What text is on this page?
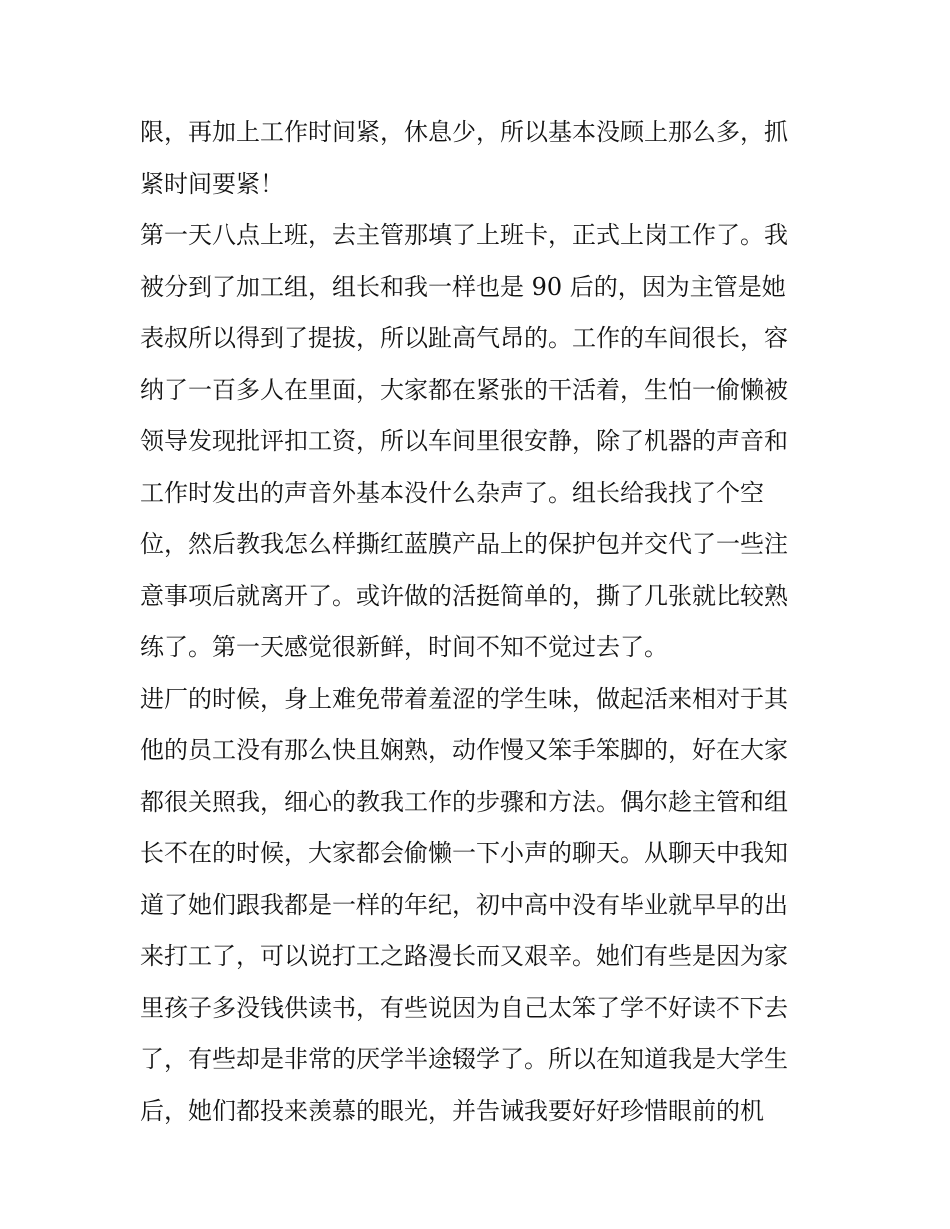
限，再加上工作时间紧，休息少，所以基本没顾上那么多，抓

紧时间要紧！

第一天八点上班，去主管那填了上班卡，正式上岗工作了。我

被分到了加工组，组长和我一样也是 90 后的，因为主管是她

表叔所以得到了提拔，所以趾高气昂的。工作的车间很长，容

纳了一百多人在里面，大家都在紧张的干活着，生怕一偷懒被

领导发现批评扣工资，所以车间里很安静，除了机器的声音和

工作时发出的声音外基本没什么杂声了。组长给我找了个空

位，然后教我怎么样撕红蓝膜产品上的保护包并交代了一些注

意事项后就离开了。或许做的活挺简单的，撕了几张就比较熟

练了。第一天感觉很新鲜，时间不知不觉过去了。

进厂的时候，身上难免带着羞涩的学生味，做起活来相对于其

他的员工没有那么快且娴熟，动作慢又笨手笨脚的，好在大家

都很关照我，细心的教我工作的步骤和方法。偶尔趁主管和组

长不在的时候，大家都会偷懒一下小声的聊天。从聊天中我知

道了她们跟我都是一样的年纪，初中高中没有毕业就早早的出

来打工了，可以说打工之路漫长而又艰辛。她们有些是因为家

里孩子多没钱供读书，有些说因为自己太笨了学不好读不下去

了，有些却是非常的厌学半途辍学了。所以在知道我是大学生

后，她们都投来羡慕的眼光，并告诫我要好好珍惜眼前的机
